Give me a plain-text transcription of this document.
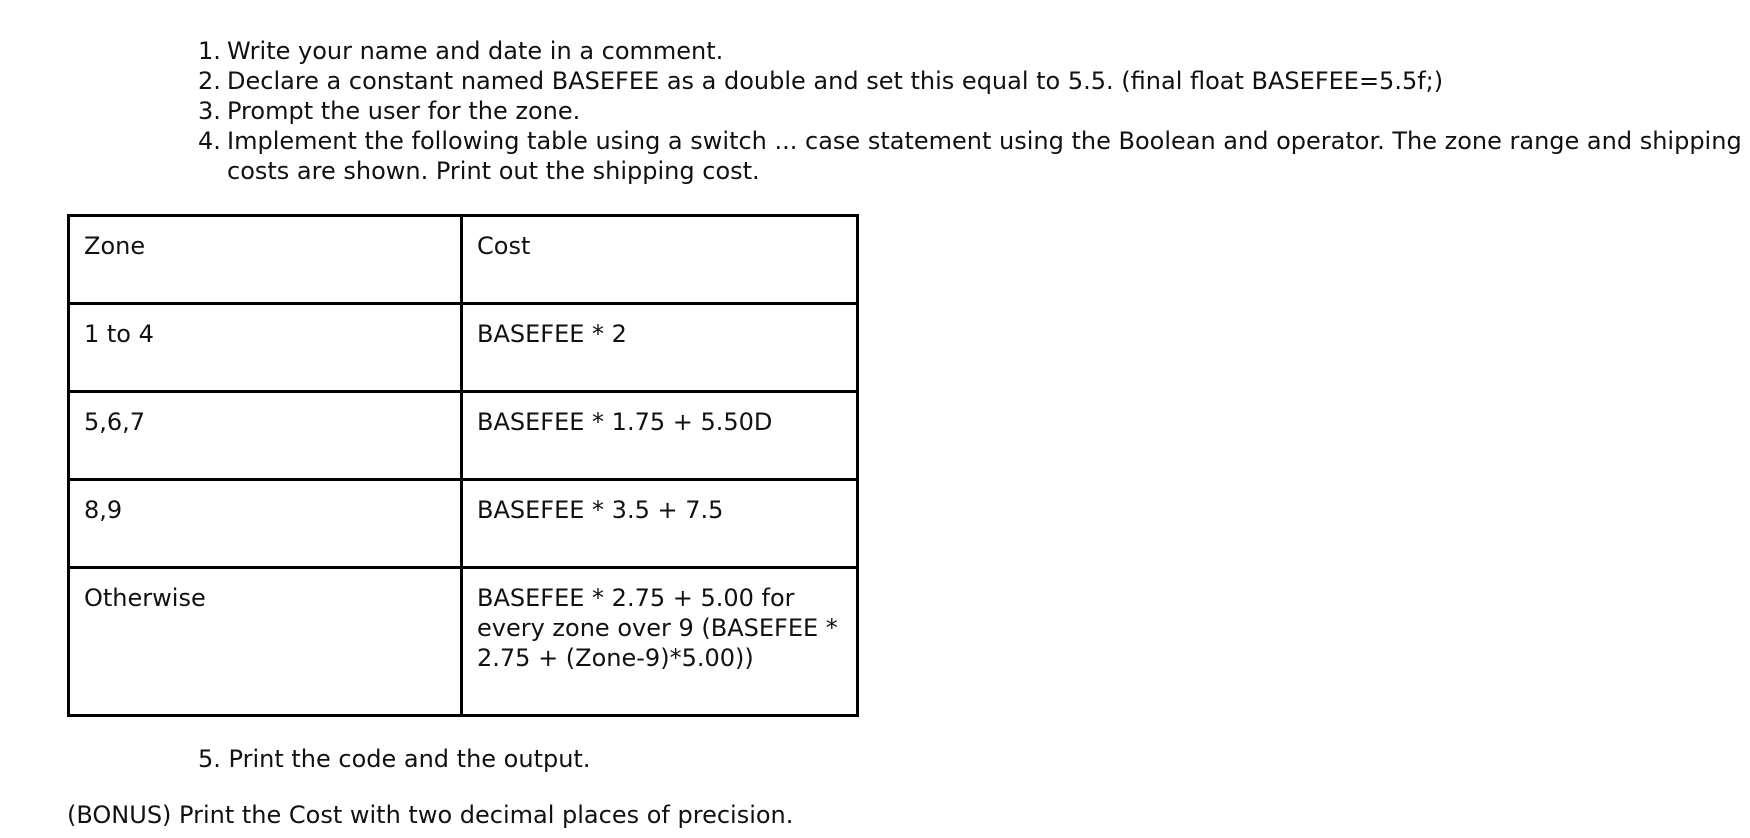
1. Write your name and date in a comment.
2. Declare a constant named BASEFEE as a double and set this equal to 5.5. (final float BASEFEE=5.5f;)
3. Prompt the user for the zone.
4. Implement the following table using a switch ... case statement using the Boolean and operator. The zone range and shipping costs are shown. Print out the shipping cost.
Zone	Cost
1 to 4	BASEFEE * 2
5,6,7	BASEFEE * 1.75 + 5.50D
8,9	BASEFEE * 3.5 + 7.5
Otherwise	BASEFEE * 2.75 + 5.00 for every zone over 9 (BASEFEE * 2.75 + (Zone-9)*5.00))
5. Print the code and the output.
(BONUS) Print the Cost with two decimal places of precision.
